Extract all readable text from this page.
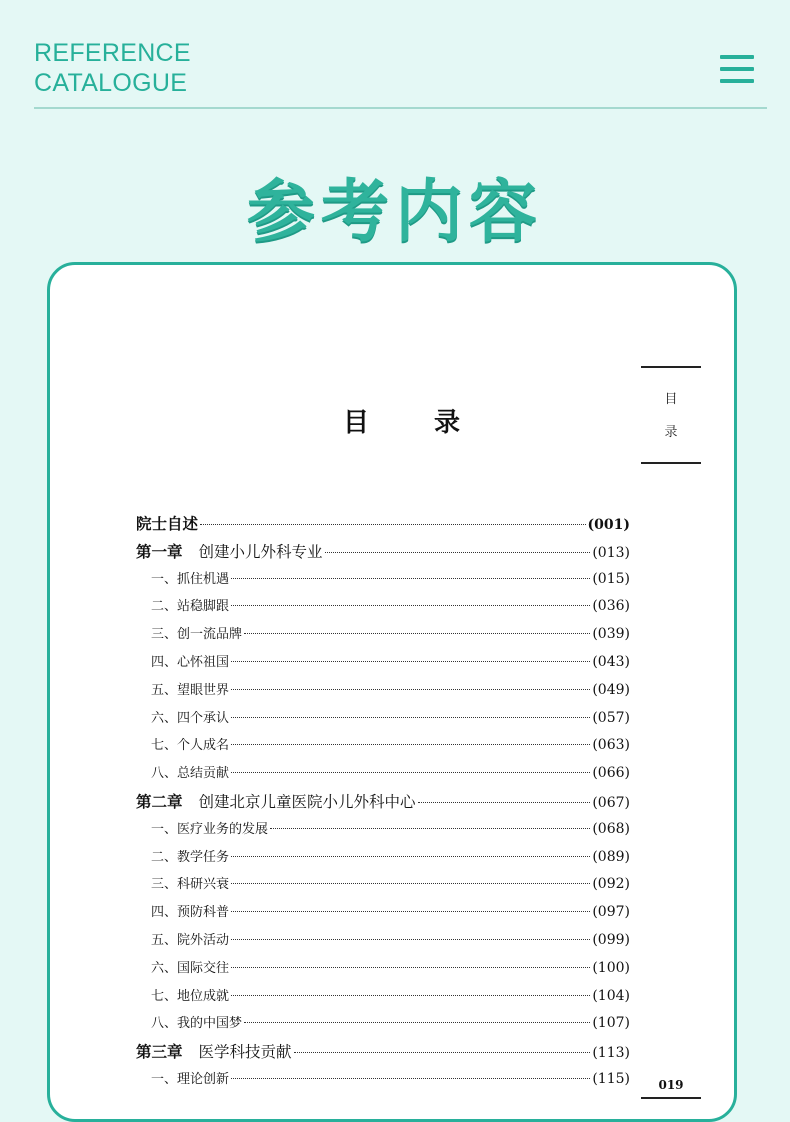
REFERENCE
CATALOGUE
参考内容
目
录
目 录
院士自述	(001)
第一章 创建小儿外科专业	(013)
一、抓住机遇	(015)
二、站稳脚跟	(036)
三、创一流品牌	(039)
四、心怀祖国	(043)
五、望眼世界	(049)
六、四个承认	(057)
七、个人成名	(063)
八、总结贡献	(066)
第二章 创建北京儿童医院小儿外科中心	(067)
一、医疗业务的发展	(068)
二、教学任务	(089)
三、科研兴衰	(092)
四、预防科普	(097)
五、院外活动	(099)
六、国际交往	(100)
七、地位成就	(104)
八、我的中国梦	(107)
第三章 医学科技贡献	(113)
一、理论创新	(115)	019
